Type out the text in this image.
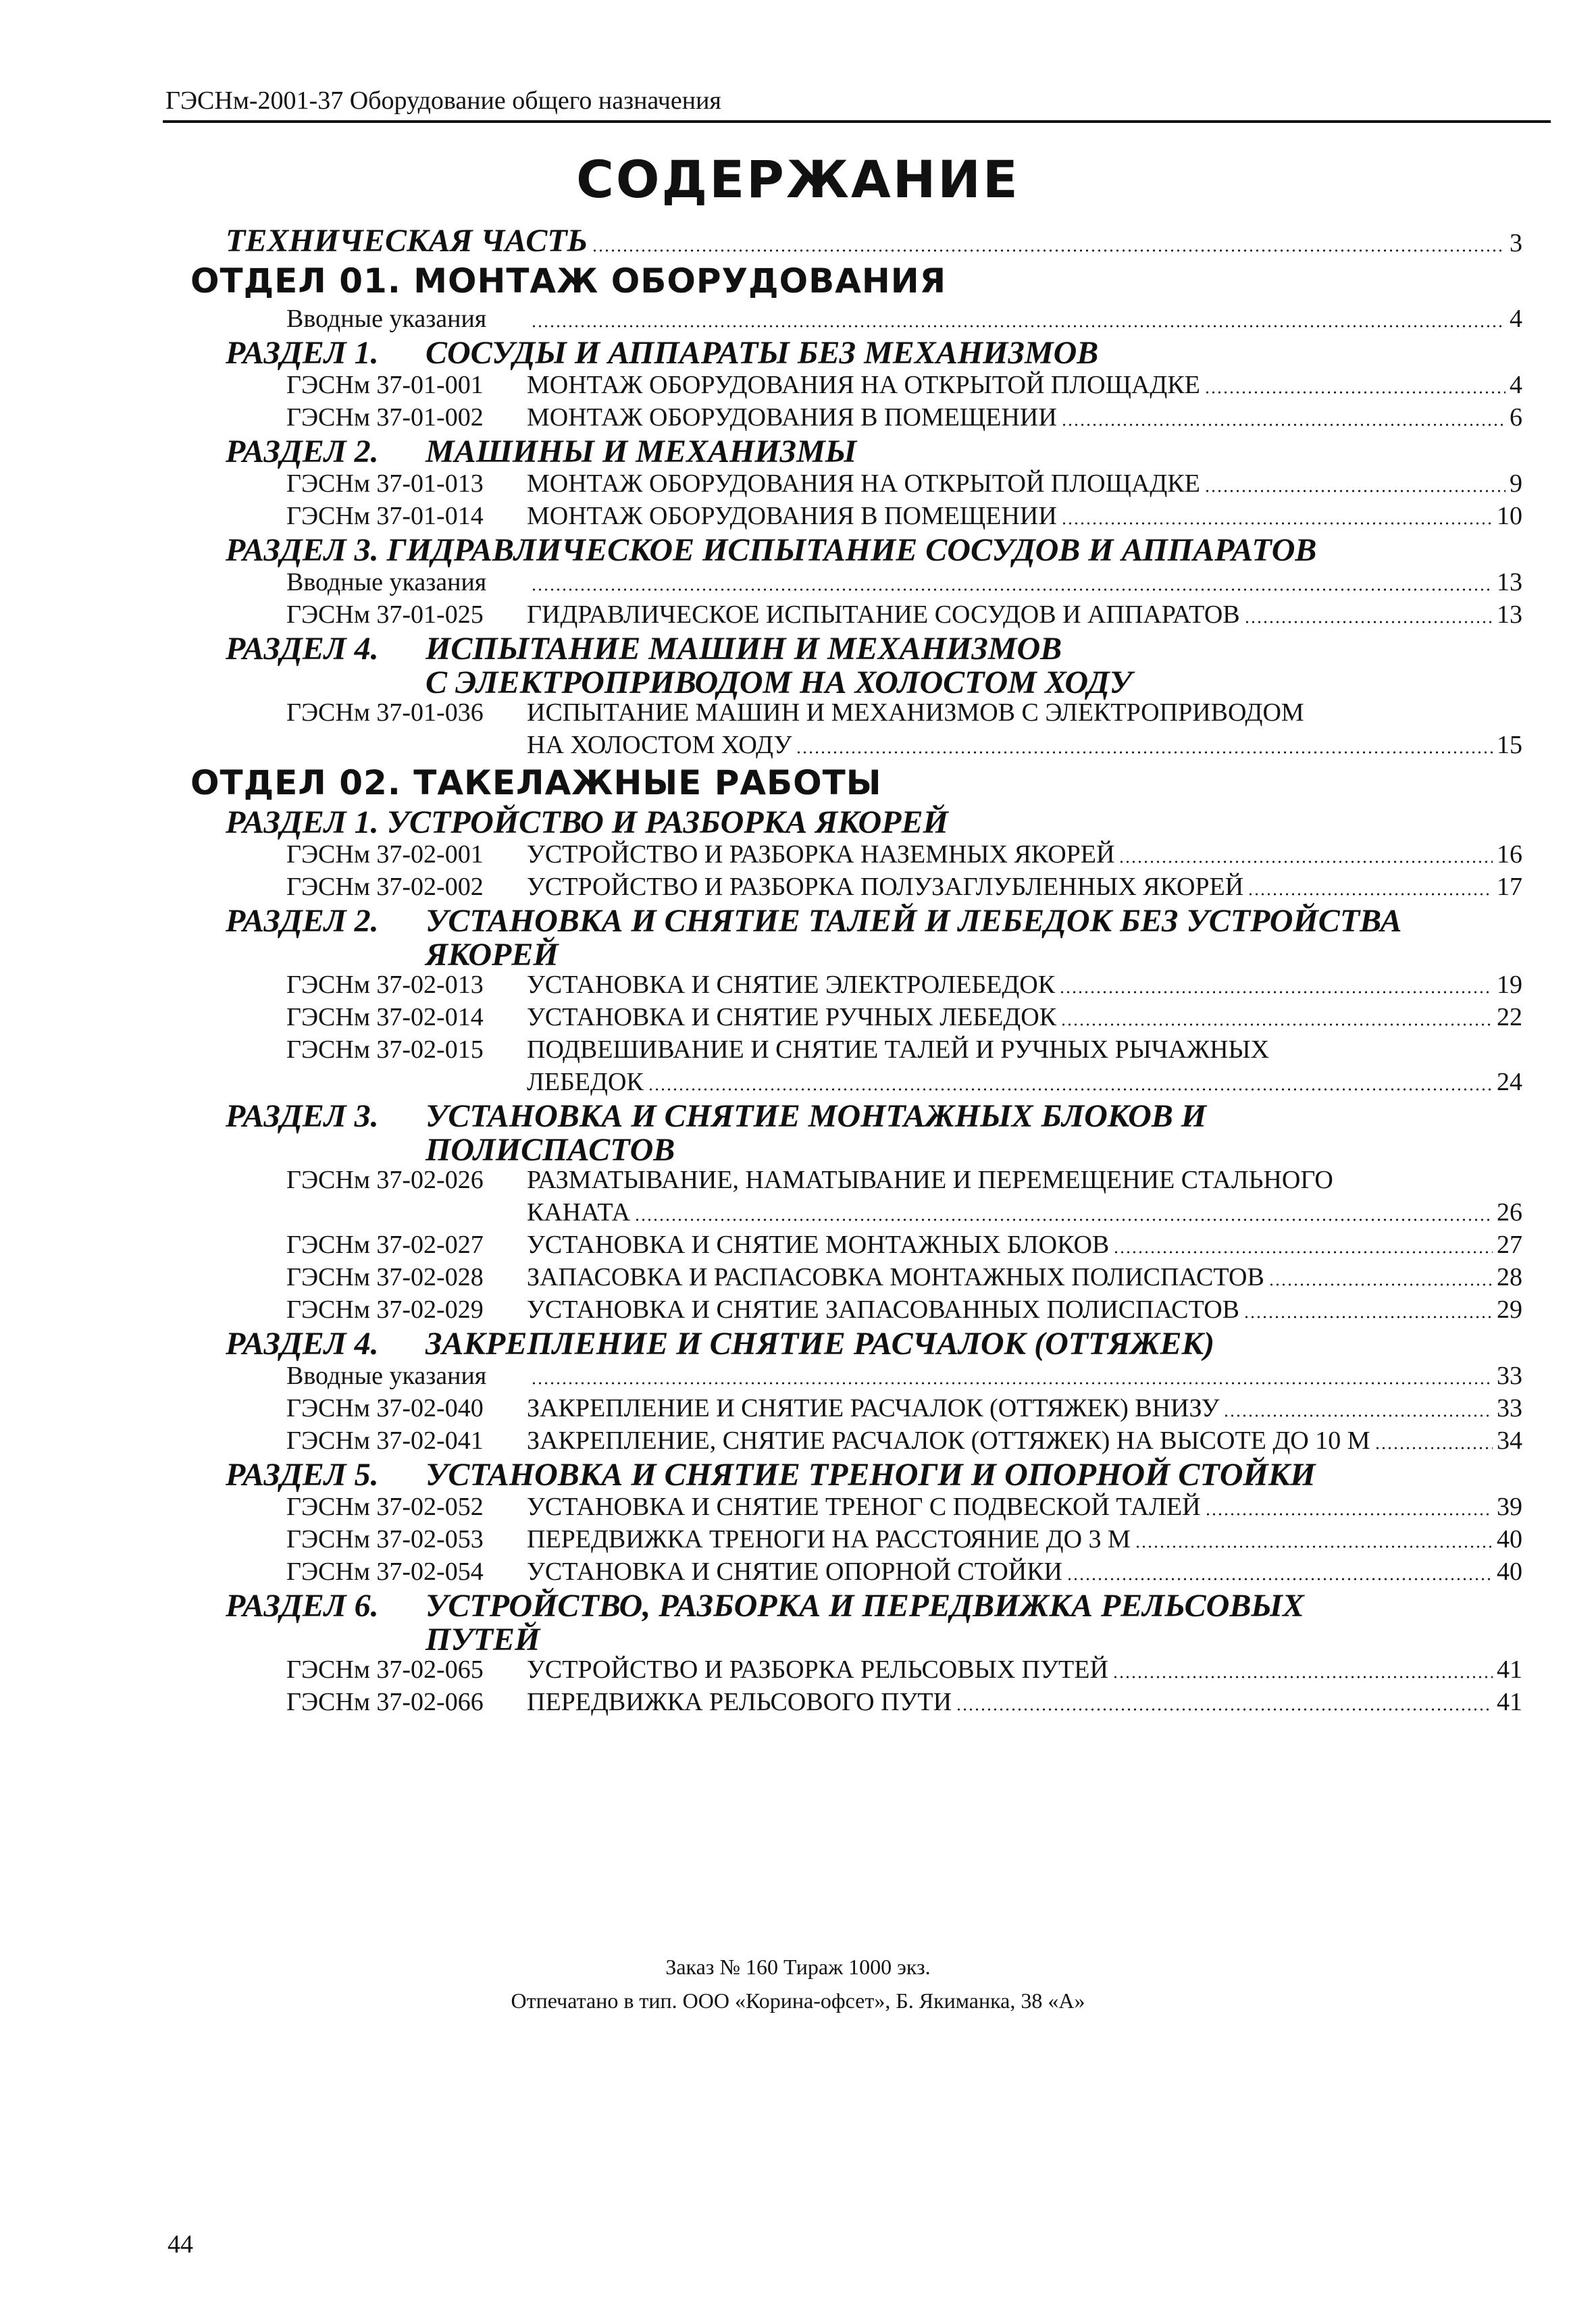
ГЭСНм-2001-37 Оборудование общего назначения
СОДЕРЖАНИЕ
ТЕХНИЧЕСКАЯ ЧАСТЬ	3
ОТДЕЛ 01. МОНТАЖ ОБОРУДОВАНИЯ
Вводные указания	4
РАЗДЕЛ 1. СОСУДЫ И АППАРАТЫ БЕЗ МЕХАНИЗМОВ
ГЭСНм 37-01-001 МОНТАЖ ОБОРУДОВАНИЯ НА ОТКРЫТОЙ ПЛОЩАДКЕ	4
ГЭСНм 37-01-002 МОНТАЖ ОБОРУДОВАНИЯ В ПОМЕЩЕНИИ	6
РАЗДЕЛ 2. МАШИНЫ И МЕХАНИЗМЫ
ГЭСНм 37-01-013 МОНТАЖ ОБОРУДОВАНИЯ НА ОТКРЫТОЙ ПЛОЩАДКЕ	9
ГЭСНм 37-01-014 МОНТАЖ ОБОРУДОВАНИЯ В ПОМЕЩЕНИИ	10
РАЗДЕЛ 3. ГИДРАВЛИЧЕСКОЕ ИСПЫТАНИЕ СОСУДОВ И АППАРАТОВ
Вводные указания	13
ГЭСНм 37-01-025 ГИДРАВЛИЧЕСКОЕ ИСПЫТАНИЕ СОСУДОВ И АППАРАТОВ	13
РАЗДЕЛ 4. ИСПЫТАНИЕ МАШИН И МЕХАНИЗМОВ
С ЭЛЕКТРОПРИВОДОМ НА ХОЛОСТОМ ХОДУ
ГЭСНм 37-01-036 ИСПЫТАНИЕ МАШИН И МЕХАНИЗМОВ С ЭЛЕКТРОПРИВОДОМ
НА ХОЛОСТОМ ХОДУ	15
ОТДЕЛ 02. ТАКЕЛАЖНЫЕ РАБОТЫ
РАЗДЕЛ 1. УСТРОЙСТВО И РАЗБОРКА ЯКОРЕЙ
ГЭСНм 37-02-001 УСТРОЙСТВО И РАЗБОРКА НАЗЕМНЫХ ЯКОРЕЙ	16
ГЭСНм 37-02-002 УСТРОЙСТВО И РАЗБОРКА ПОЛУЗАГЛУБЛЕННЫХ ЯКОРЕЙ	17
РАЗДЕЛ 2. УСТАНОВКА И СНЯТИЕ ТАЛЕЙ И ЛЕБЕДОК БЕЗ УСТРОЙСТВА
ЯКОРЕЙ
ГЭСНм 37-02-013 УСТАНОВКА И СНЯТИЕ ЭЛЕКТРОЛЕБЕДОК	19
ГЭСНм 37-02-014 УСТАНОВКА И СНЯТИЕ РУЧНЫХ ЛЕБЕДОК	22
ГЭСНм 37-02-015 ПОДВЕШИВАНИЕ И СНЯТИЕ ТАЛЕЙ И РУЧНЫХ РЫЧАЖНЫХ
ЛЕБЕДОК	24
РАЗДЕЛ 3. УСТАНОВКА И СНЯТИЕ МОНТАЖНЫХ БЛОКОВ И
ПОЛИСПАСТОВ
ГЭСНм 37-02-026 РАЗМАТЫВАНИЕ, НАМАТЫВАНИЕ И ПЕРЕМЕЩЕНИЕ СТАЛЬНОГО
КАНАТА	26
ГЭСНм 37-02-027 УСТАНОВКА И СНЯТИЕ МОНТАЖНЫХ БЛОКОВ	27
ГЭСНм 37-02-028 ЗАПАСОВКА И РАСПАСОВКА МОНТАЖНЫХ ПОЛИСПАСТОВ	28
ГЭСНм 37-02-029 УСТАНОВКА И СНЯТИЕ ЗАПАСОВАННЫХ ПОЛИСПАСТОВ	29
РАЗДЕЛ 4. ЗАКРЕПЛЕНИЕ И СНЯТИЕ РАСЧАЛОК (ОТТЯЖЕК)
Вводные указания	33
ГЭСНм 37-02-040 ЗАКРЕПЛЕНИЕ И СНЯТИЕ РАСЧАЛОК (ОТТЯЖЕК) ВНИЗУ	33
ГЭСНм 37-02-041 ЗАКРЕПЛЕНИЕ, СНЯТИЕ РАСЧАЛОК (ОТТЯЖЕК) НА ВЫСОТЕ ДО 10 М	34
РАЗДЕЛ 5. УСТАНОВКА И СНЯТИЕ ТРЕНОГИ И ОПОРНОЙ СТОЙКИ
ГЭСНм 37-02-052 УСТАНОВКА И СНЯТИЕ ТРЕНОГ С ПОДВЕСКОЙ ТАЛЕЙ	39
ГЭСНм 37-02-053 ПЕРЕДВИЖКА ТРЕНОГИ НА РАССТОЯНИЕ ДО 3 М	40
ГЭСНм 37-02-054 УСТАНОВКА И СНЯТИЕ ОПОРНОЙ СТОЙКИ	40
РАЗДЕЛ 6. УСТРОЙСТВО, РАЗБОРКА И ПЕРЕДВИЖКА РЕЛЬСОВЫХ
ПУТЕЙ
ГЭСНм 37-02-065 УСТРОЙСТВО И РАЗБОРКА РЕЛЬСОВЫХ ПУТЕЙ	41
ГЭСНм 37-02-066 ПЕРЕДВИЖКА РЕЛЬСОВОГО ПУТИ	41
Заказ № 160 Тираж 1000 экз.
Отпечатано в тип. ООО «Корина-офсет», Б. Якиманка, 38 «А»
44
